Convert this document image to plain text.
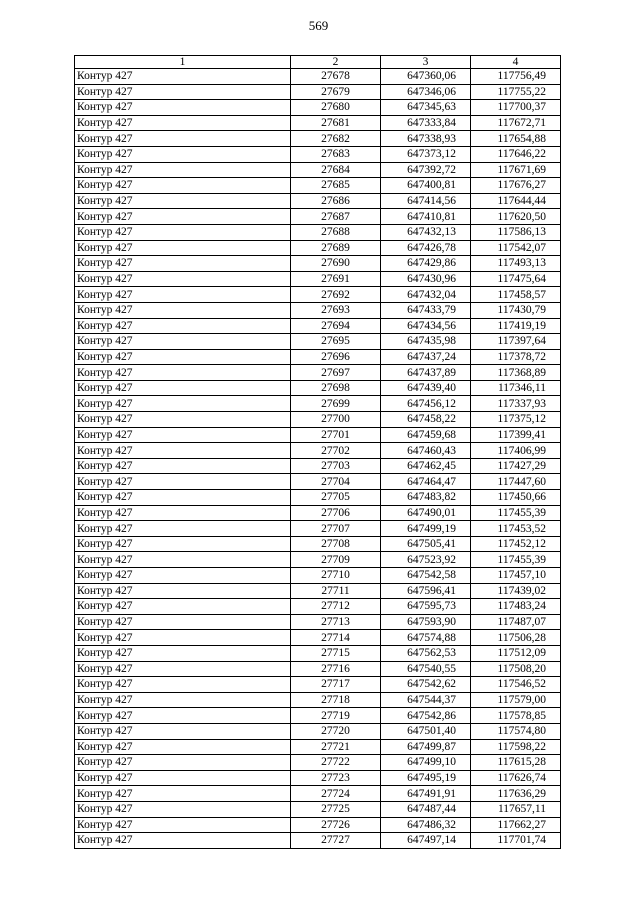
569
1	2	3	4
Контур 427	27678	647360,06	117756,49
Контур 427	27679	647346,06	117755,22
Контур 427	27680	647345,63	117700,37
Контур 427	27681	647333,84	117672,71
Контур 427	27682	647338,93	117654,88
Контур 427	27683	647373,12	117646,22
Контур 427	27684	647392,72	117671,69
Контур 427	27685	647400,81	117676,27
Контур 427	27686	647414,56	117644,44
Контур 427	27687	647410,81	117620,50
Контур 427	27688	647432,13	117586,13
Контур 427	27689	647426,78	117542,07
Контур 427	27690	647429,86	117493,13
Контур 427	27691	647430,96	117475,64
Контур 427	27692	647432,04	117458,57
Контур 427	27693	647433,79	117430,79
Контур 427	27694	647434,56	117419,19
Контур 427	27695	647435,98	117397,64
Контур 427	27696	647437,24	117378,72
Контур 427	27697	647437,89	117368,89
Контур 427	27698	647439,40	117346,11
Контур 427	27699	647456,12	117337,93
Контур 427	27700	647458,22	117375,12
Контур 427	27701	647459,68	117399,41
Контур 427	27702	647460,43	117406,99
Контур 427	27703	647462,45	117427,29
Контур 427	27704	647464,47	117447,60
Контур 427	27705	647483,82	117450,66
Контур 427	27706	647490,01	117455,39
Контур 427	27707	647499,19	117453,52
Контур 427	27708	647505,41	117452,12
Контур 427	27709	647523,92	117455,39
Контур 427	27710	647542,58	117457,10
Контур 427	27711	647596,41	117439,02
Контур 427	27712	647595,73	117483,24
Контур 427	27713	647593,90	117487,07
Контур 427	27714	647574,88	117506,28
Контур 427	27715	647562,53	117512,09
Контур 427	27716	647540,55	117508,20
Контур 427	27717	647542,62	117546,52
Контур 427	27718	647544,37	117579,00
Контур 427	27719	647542,86	117578,85
Контур 427	27720	647501,40	117574,80
Контур 427	27721	647499,87	117598,22
Контур 427	27722	647499,10	117615,28
Контур 427	27723	647495,19	117626,74
Контур 427	27724	647491,91	117636,29
Контур 427	27725	647487,44	117657,11
Контур 427	27726	647486,32	117662,27
Контур 427	27727	647497,14	117701,74
